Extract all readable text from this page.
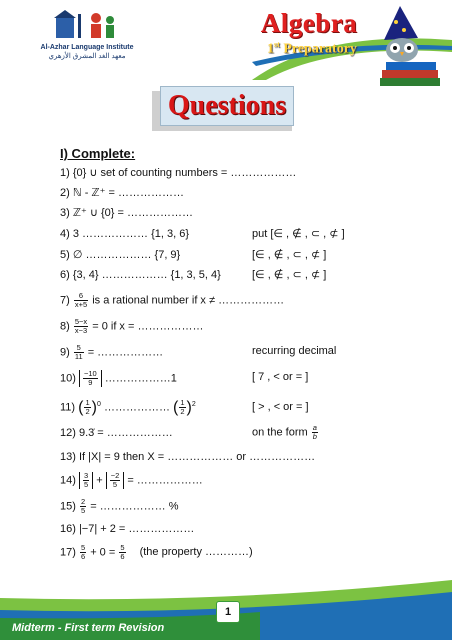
Al-Azhar Language Institute
معهد الغد المشرق الأزهري
Algebra
1st Preparatory
Questions
I) Complete:
1) {0} ∪ set of counting numbers = ………………
2) ℕ - ℤ⁺ = ………………
3) ℤ⁺ ∪ {0} = ………………
4) 3 ……………… {1, 3, 6}	put [∈ , ∉ , ⊂ , ⊄ ]
5) ∅ ……………… {7, 9}	[∈ , ∉ , ⊂ , ⊄ ]
6) {3, 4} ……………… {1, 3, 5, 4}	[∈ , ∉ , ⊂ , ⊄ ]
$7) \frac{6}{x+5}$ is a rational number if x ≠ ………………
$8) \frac{5-x}{x-3} = 0$ if x = ………………
$9) \frac{5}{11}$ = ………………	recurring decimal
$10) \frac{-10}{9}$ ………………1	[ 7 , < or = ]
11) ( $\frac{1}{2} )^0$ ……………… ( $\frac{1}{2} )^2$	[ > , < or = ]
12) 9.3̇ = ………………	on the form $\frac{a}{b}$
13) If |X| = 9 then X = ……………… or ………………
$14) \frac{3}{5} + \frac{-2}{5}$ = ………………
$15) \frac{2}{5}$ = ……………… %
16) |−7| + 2 = ………………
$17) \frac{5}{6} + 0 = \frac{5}{6} (the$ property …………)
1
Midterm - First term Revision
